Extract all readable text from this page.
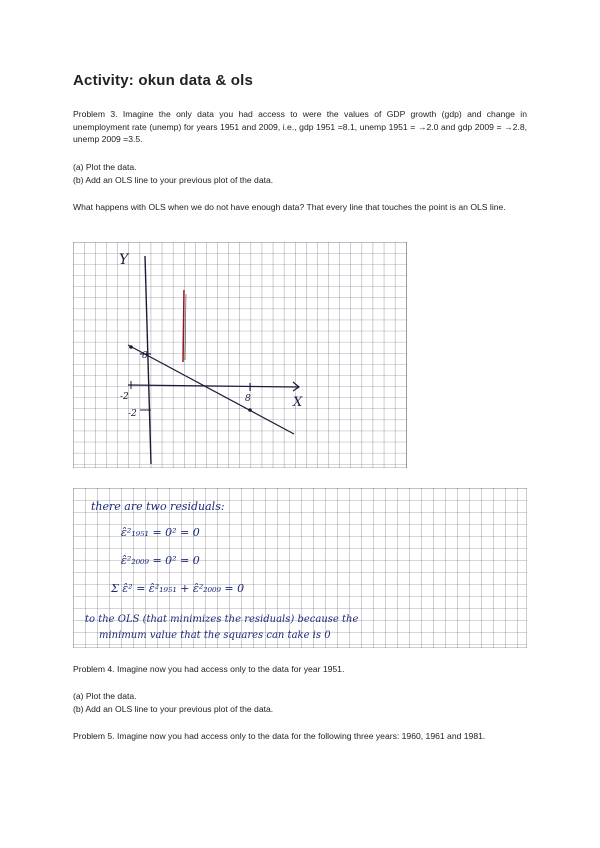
Activity: okun data & ols

Problem 3. Imagine the only data you had access to were the values of GDP growth (gdp) and change in unemployment rate (unemp) for years 1951 and 2009, i.e., gdp 1951 =8.1, unemp 1951 = →2.0 and gdp 2009 = →2.8, unemp 2009 =3.5.

(a) Plot the data.
(b) Add an OLS line to your previous plot of the data.

What happens with OLS when we do not have enough data? That every line that touches the point is an OLS line.

Y
X
-2	8
-2
8
there are two residuals:
ε̂²₁₉₅₁ = 0² = 0
ε̂²₂₀₀₉ = 0² = 0
Σ ε̂² = ε̂²₁₉₅₁ + ε̂²₂₀₀₉ = 0
to the OLS (that minimizes the residuals) because the
minimum value that the squares can take is 0

Problem 4. Imagine now you had access only to the data for year 1951.

(a) Plot the data.
(b) Add an OLS line to your previous plot of the data.

Problem 5. Imagine now you had access only to the data for the following three years: 1960, 1961 and 1981.
